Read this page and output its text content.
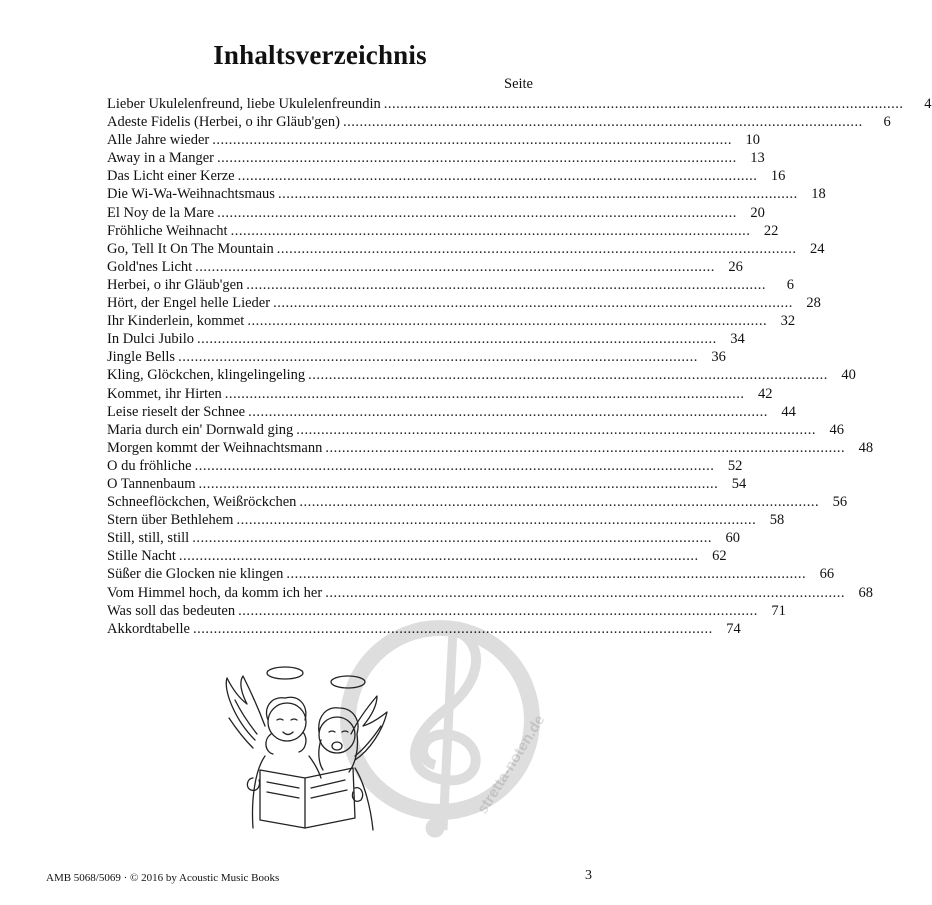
Inhaltsverzeichnis
Seite
Lieber Ukulelenfreund, liebe Ukulelenfreundin ..............................................................................................................................	4
Adeste Fidelis (Herbei, o ihr Gläub'gen) ..............................................................................................................................	6
Alle Jahre wieder .............................................................................................................................. 10
Away in a Manger .............................................................................................................................. 13
Das Licht einer Kerze .............................................................................................................................. 16
Die Wi-Wa-Weihnachtsmaus .............................................................................................................................. 18
El Noy de la Mare .............................................................................................................................. 20
Fröhliche Weihnacht .............................................................................................................................. 22
Go, Tell It On The Mountain .............................................................................................................................. 24
Gold'nes Licht .............................................................................................................................. 26
Herbei, o ihr Gläub'gen ..............................................................................................................................	6
Hört, der Engel helle Lieder .............................................................................................................................. 28
Ihr Kinderlein, kommet .............................................................................................................................. 32
In Dulci Jubilo .............................................................................................................................. 34
Jingle Bells .............................................................................................................................. 36
Kling, Glöckchen, klingelingeling .............................................................................................................................. 40
Kommet, ihr Hirten .............................................................................................................................. 42
Leise rieselt der Schnee .............................................................................................................................. 44
Maria durch ein' Dornwald ging .............................................................................................................................. 46
Morgen kommt der Weihnachtsmann .............................................................................................................................. 48
O du fröhliche .............................................................................................................................. 52
O Tannenbaum .............................................................................................................................. 54
Schneeflöckchen, Weißröckchen .............................................................................................................................. 56
Stern über Bethlehem .............................................................................................................................. 58
Still, still, still .............................................................................................................................. 60
Stille Nacht .............................................................................................................................. 62
Süßer die Glocken nie klingen .............................................................................................................................. 66
Vom Himmel hoch, da komm ich her .............................................................................................................................. 68
Was soll das bedeuten .............................................................................................................................. 71
Akkordtabelle .............................................................................................................................. 74
stretta-noten.de
AMB 5068/5069 · © 2016 by Acoustic Music Books	3
